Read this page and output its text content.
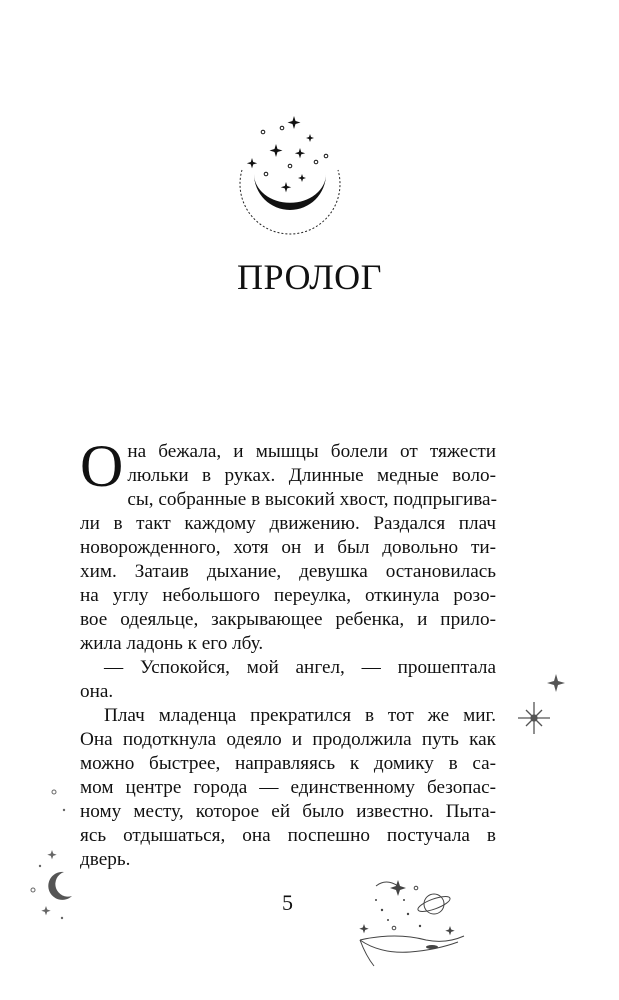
ПРОЛОГ

О на бежала, и мышцы болели от тяжести
люльки в руках. Длинные медные воло-
сы, собранные в высокий хвост, подпрыгива-
ли в такт каждому движению. Раздался плач
новорожденного, хотя он и был довольно ти-
хим. Затаив дыхание, девушка остановилась
на углу небольшого переулка, откинула розо-
вое одеяльце, закрывающее ребенка, и прило-
жила ладонь к его лбу.

— Успокойся, мой ангел, — прошептала
она.

Плач младенца прекратился в тот же миг.
Она подоткнула одеяло и продолжила путь как
можно быстрее, направляясь к домику в са-
мом центре города — единственному безопас-
ному месту, которое ей было известно. Пыта-
ясь отдышаться, она поспешно постучала в
дверь.

5
